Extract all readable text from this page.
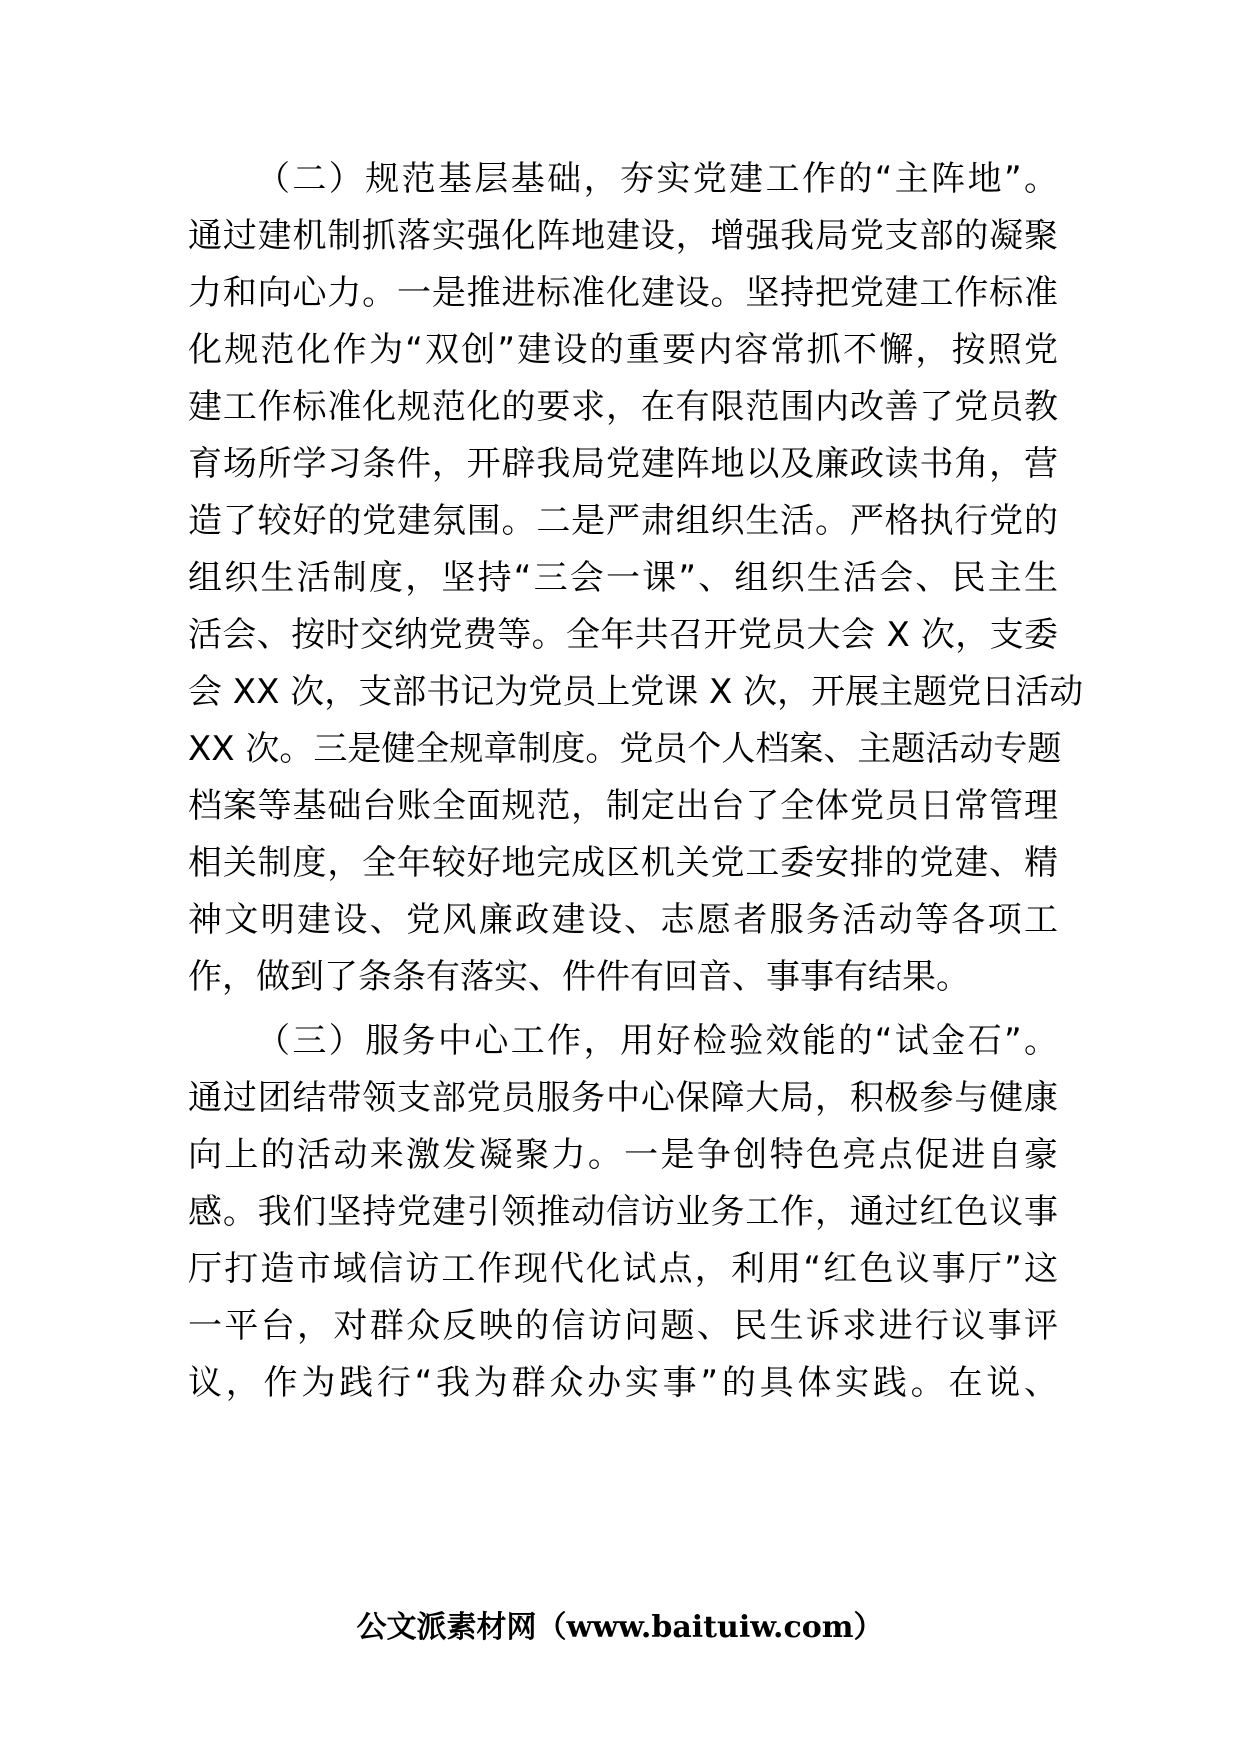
（二）规范基层基础，夯实党建工作的“主阵地”。
通过建机制抓落实强化阵地建设，增强我局党支部的凝聚
力和向心力。一是推进标准化建设。坚持把党建工作标准
化规范化作为“双创”建设的重要内容常抓不懈，按照党
建工作标准化规范化的要求，在有限范围内改善了党员教
育场所学习条件，开辟我局党建阵地以及廉政读书角，营
造了较好的党建氛围。二是严肃组织生活。严格执行党的
组织生活制度，坚持“三会一课”、组织生活会、民主生
活会、按时交纳党费等。全年共召开党员大会 X 次，支委
会 XX 次，支部书记为党员上党课 X 次，开展主题党日活动
XX 次。三是健全规章制度。党员个人档案、主题活动专题
档案等基础台账全面规范，制定出台了全体党员日常管理
相关制度，全年较好地完成区机关党工委安排的党建、精
神文明建设、党风廉政建设、志愿者服务活动等各项工
作，做到了条条有落实、件件有回音、事事有结果。
（三）服务中心工作，用好检验效能的“试金石”。
通过团结带领支部党员服务中心保障大局，积极参与健康
向上的活动来激发凝聚力。一是争创特色亮点促进自豪
感。我们坚持党建引领推动信访业务工作，通过红色议事
厅打造市域信访工作现代化试点，利用“红色议事厅”这
一平台，对群众反映的信访问题、民生诉求进行议事评
议，作为践行“我为群众办实事”的具体实践。在说、
公文派素材网（www.baituiw.com）
